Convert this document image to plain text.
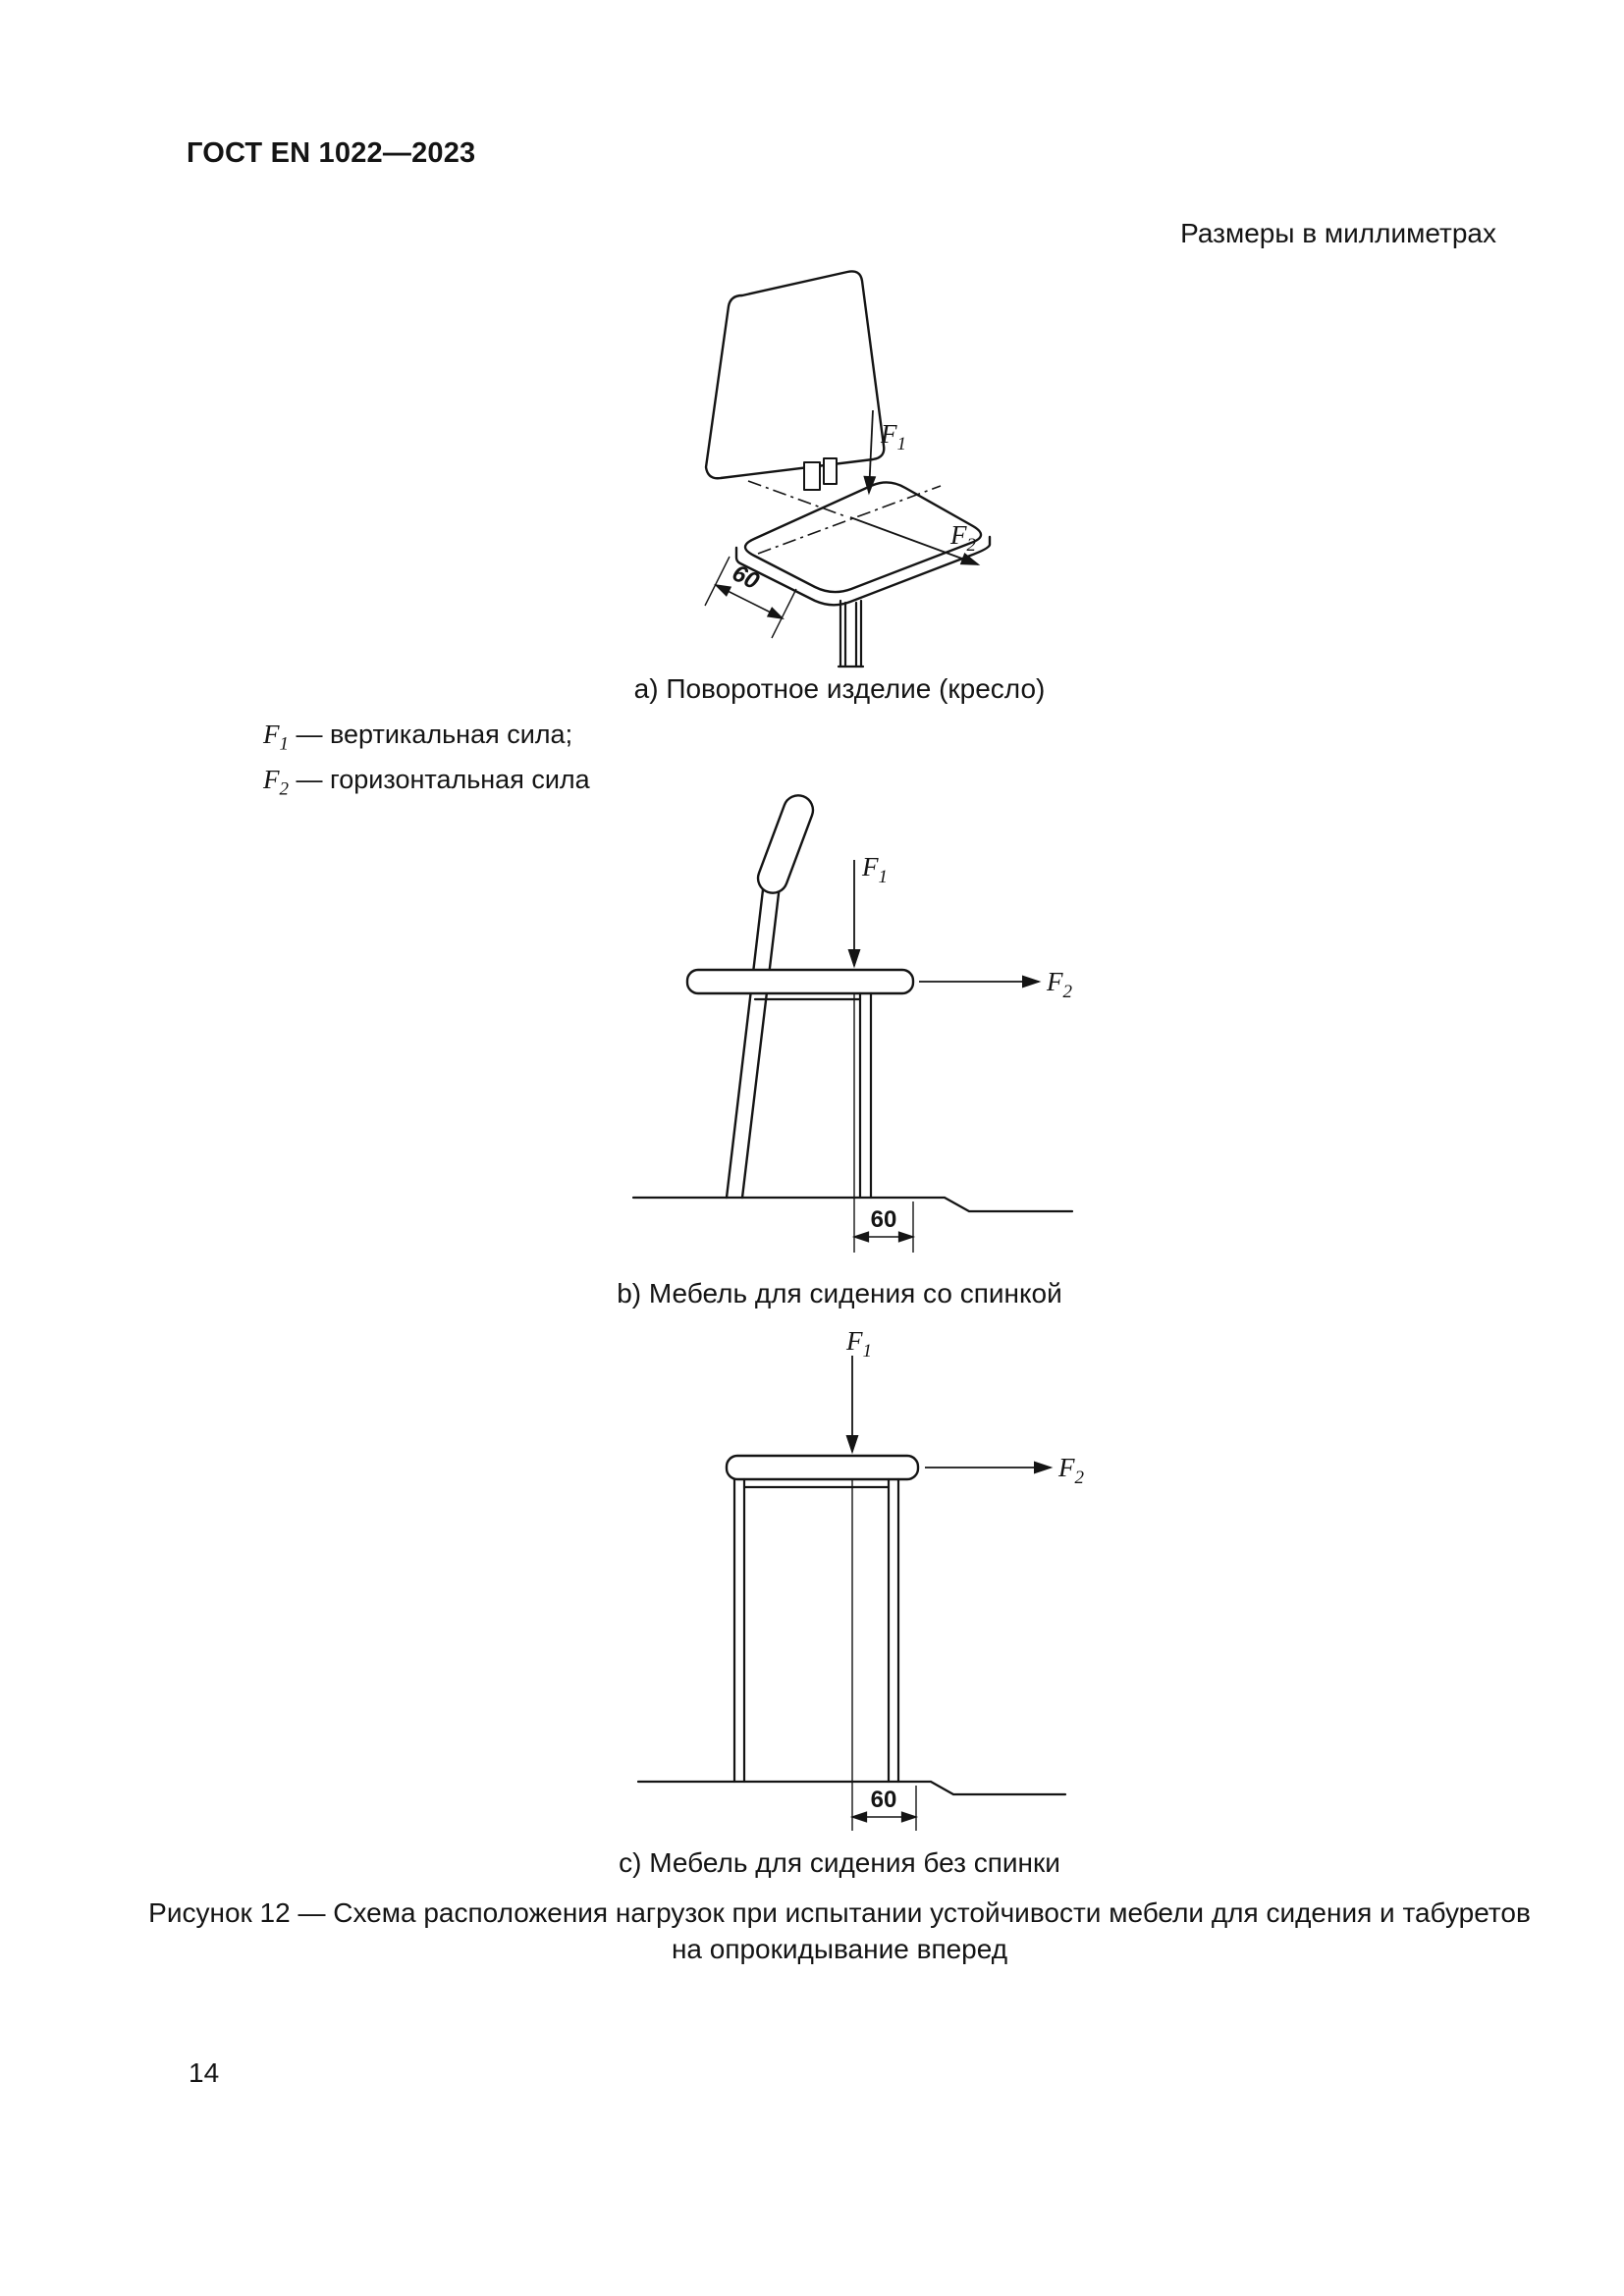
ГОСТ EN 1022—2023
Размеры в миллиметрах
$F_1$
$F_2$
60
а) Поворотное изделие (кресло)
$F_1$ — вертикальная сила;
$F_2$ — горизонтальная сила
$F_1$
$F_2$
60
b) Мебель для сидения со спинкой
$F_1$
$F_2$
60
c) Мебель для сидения без спинки
Рисунок 12 — Схема расположения нагрузок при испытании устойчивости мебели для сидения и табуретов
на опрокидывание вперед
14
